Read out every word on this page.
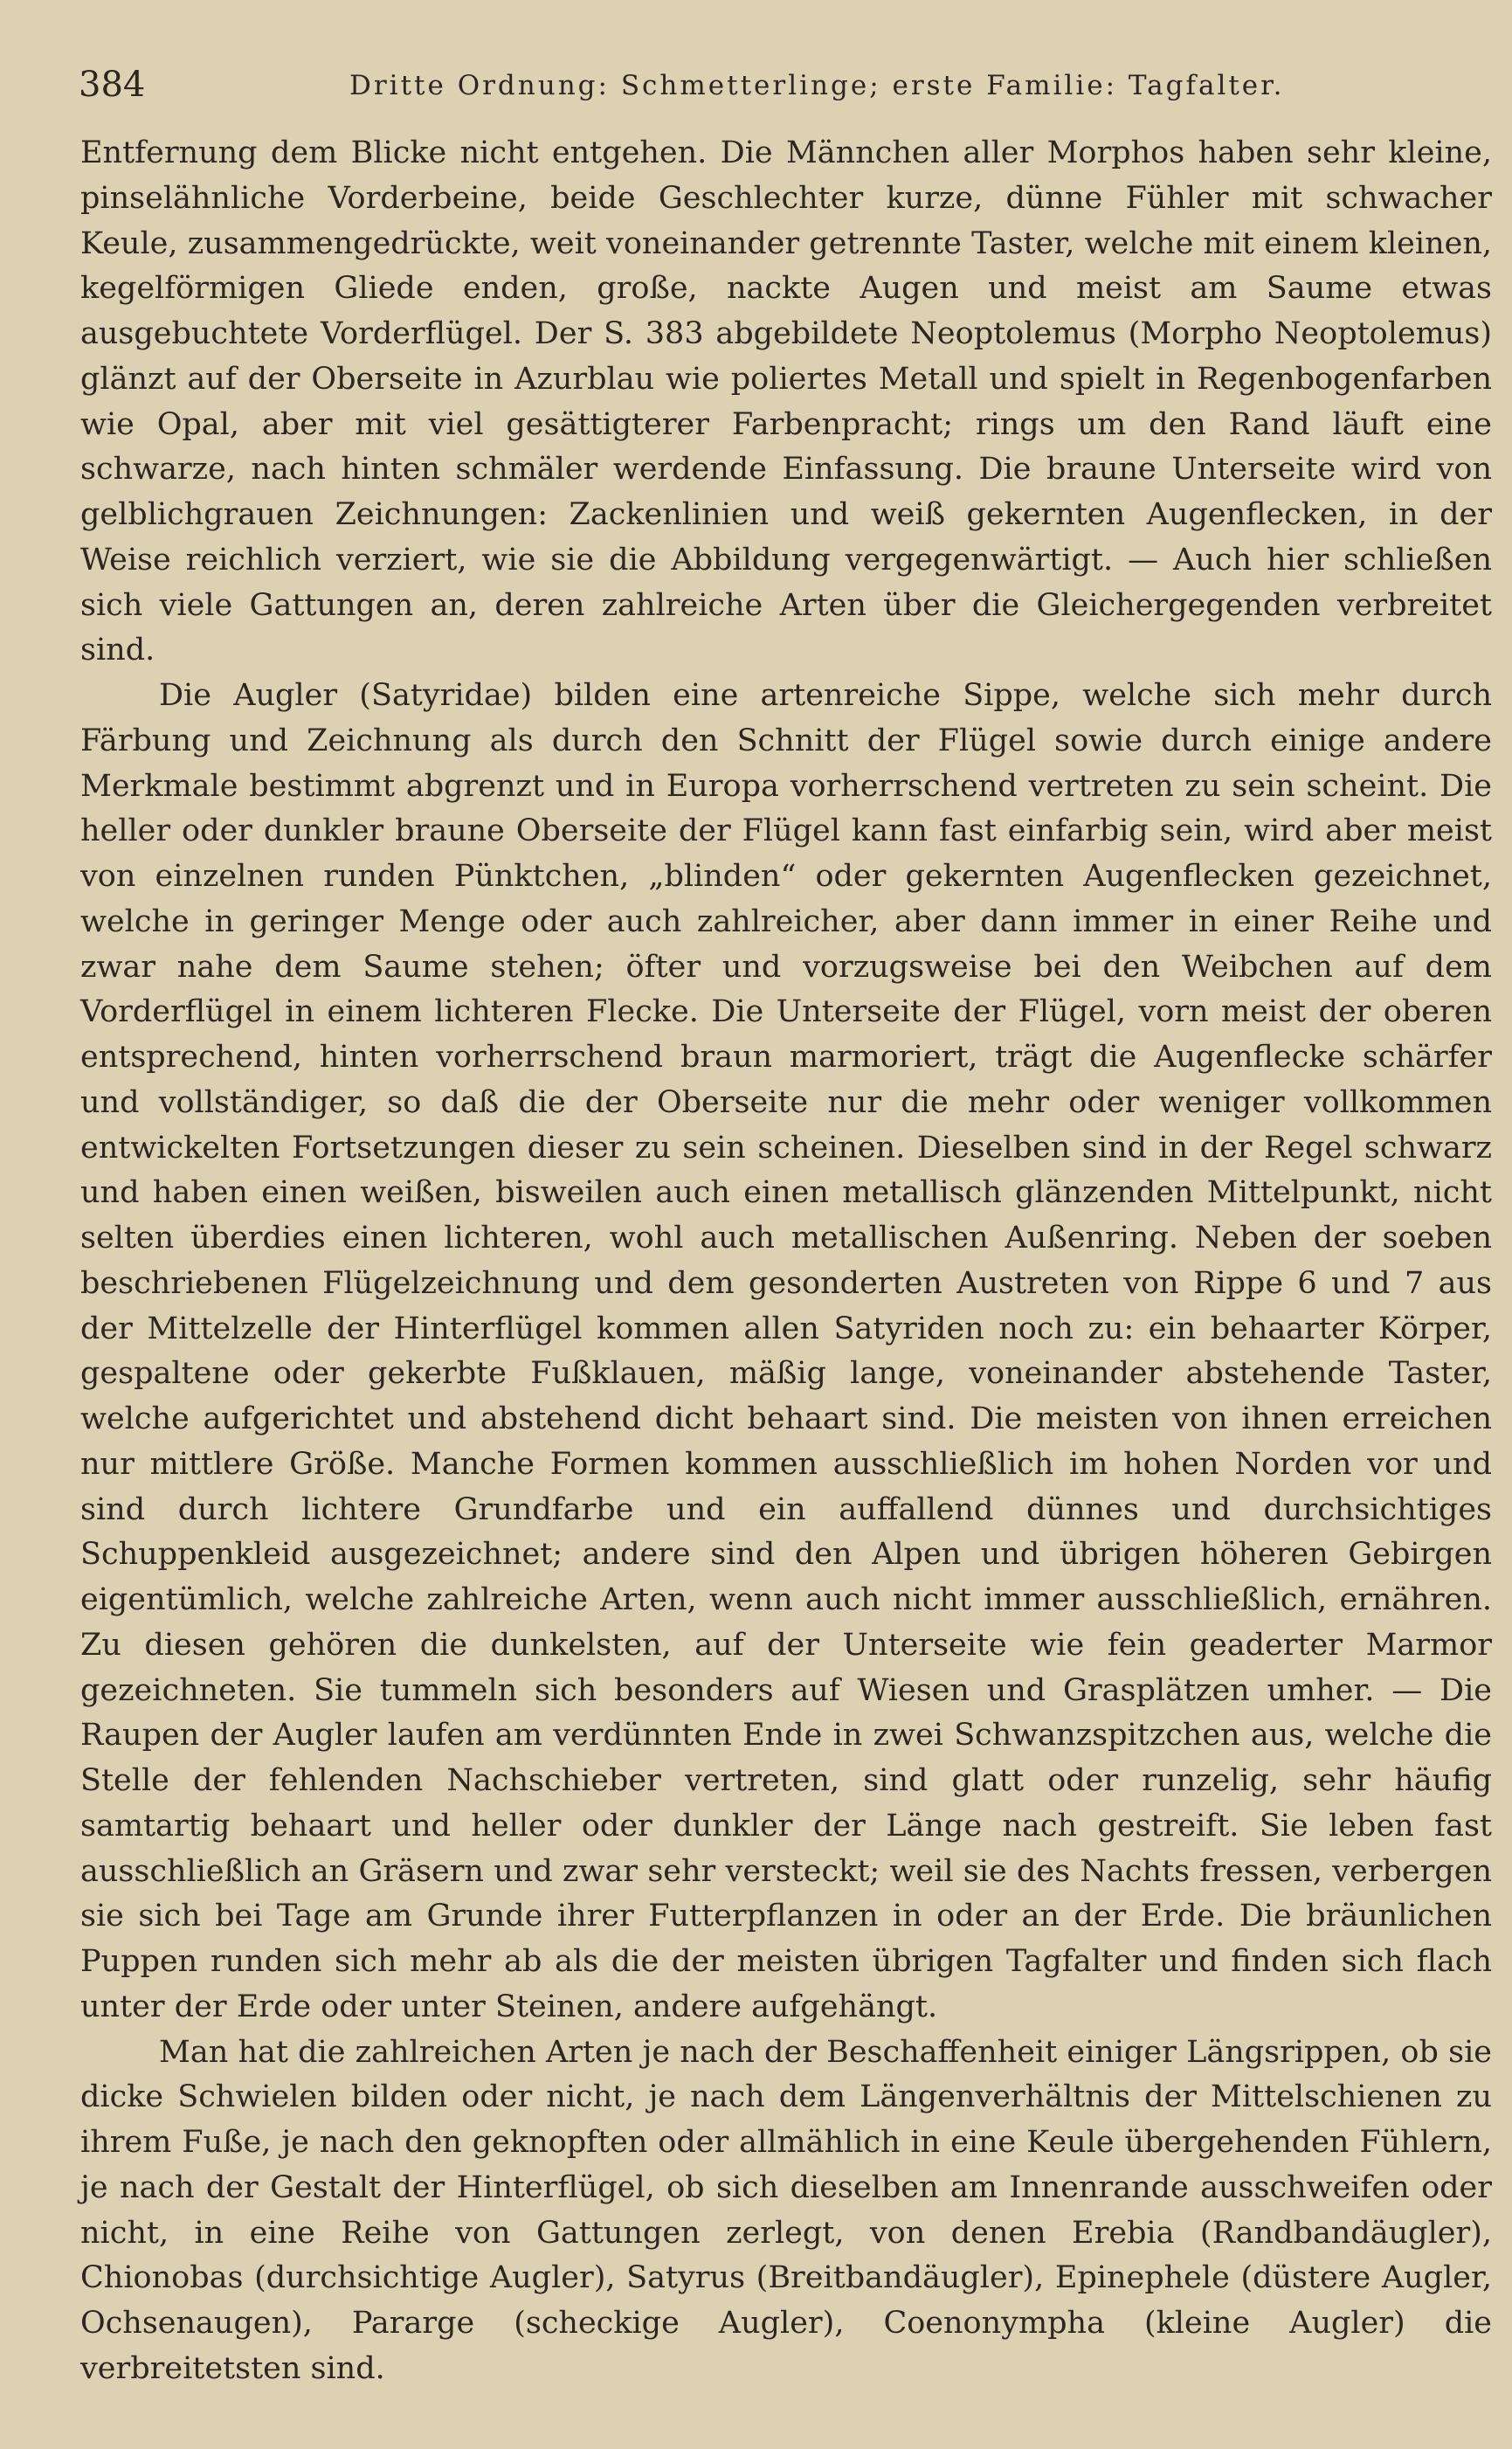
384	Dritte Ordnung: Schmetterlinge; erste Familie: Tagfalter.

Entfernung dem Blicke nicht entgehen. Die Männchen aller Morphos haben sehr kleine, pinselähnliche Vorderbeine, beide Geschlechter kurze, dünne Fühler mit schwacher Keule, zusammengedrückte, weit voneinander getrennte Taster, welche mit einem kleinen, kegelförmigen Gliede enden, große, nackte Augen und meist am Saume etwas ausgebuchtete Vorderflügel. Der S. 383 abgebildete Neoptolemus (Morpho Neoptolemus) glänzt auf der Oberseite in Azurblau wie poliertes Metall und spielt in Regenbogenfarben wie Opal, aber mit viel gesättigterer Farbenpracht; rings um den Rand läuft eine schwarze, nach hinten schmäler werdende Einfassung. Die braune Unterseite wird von gelblichgrauen Zeichnungen: Zackenlinien und weiß gekernten Augenflecken, in der Weise reichlich verziert, wie sie die Abbildung vergegenwärtigt. — Auch hier schließen sich viele Gattungen an, deren zahlreiche Arten über die Gleichergegenden verbreitet sind.

Die Augler (Satyridae) bilden eine artenreiche Sippe, welche sich mehr durch Färbung und Zeichnung als durch den Schnitt der Flügel sowie durch einige andere Merkmale bestimmt abgrenzt und in Europa vorherrschend vertreten zu sein scheint. Die heller oder dunkler braune Oberseite der Flügel kann fast einfarbig sein, wird aber meist von einzelnen runden Pünktchen, „blinden“ oder gekernten Augenflecken gezeichnet, welche in geringer Menge oder auch zahlreicher, aber dann immer in einer Reihe und zwar nahe dem Saume stehen; öfter und vorzugsweise bei den Weibchen auf dem Vorderflügel in einem lichteren Flecke. Die Unterseite der Flügel, vorn meist der oberen entsprechend, hinten vorherrschend braun marmoriert, trägt die Augenflecke schärfer und vollständiger, so daß die der Oberseite nur die mehr oder weniger vollkommen entwickelten Fortsetzungen dieser zu sein scheinen. Dieselben sind in der Regel schwarz und haben einen weißen, bisweilen auch einen metallisch glänzenden Mittelpunkt, nicht selten überdies einen lichteren, wohl auch metallischen Außenring. Neben der soeben beschriebenen Flügelzeichnung und dem gesonderten Austreten von Rippe 6 und 7 aus der Mittelzelle der Hinterflügel kommen allen Satyriden noch zu: ein behaarter Körper, gespaltene oder gekerbte Fußklauen, mäßig lange, voneinander abstehende Taster, welche aufgerichtet und abstehend dicht behaart sind. Die meisten von ihnen erreichen nur mittlere Größe. Manche Formen kommen ausschließlich im hohen Norden vor und sind durch lichtere Grundfarbe und ein auffallend dünnes und durchsichtiges Schuppenkleid ausgezeichnet; andere sind den Alpen und übrigen höheren Gebirgen eigentümlich, welche zahlreiche Arten, wenn auch nicht immer ausschließlich, ernähren. Zu diesen gehören die dunkelsten, auf der Unterseite wie fein geaderter Marmor gezeichneten. Sie tummeln sich besonders auf Wiesen und Grasplätzen umher. — Die Raupen der Augler laufen am verdünnten Ende in zwei Schwanzspitzchen aus, welche die Stelle der fehlenden Nachschieber vertreten, sind glatt oder runzelig, sehr häufig samtartig behaart und heller oder dunkler der Länge nach gestreift. Sie leben fast ausschließlich an Gräsern und zwar sehr versteckt; weil sie des Nachts fressen, verbergen sie sich bei Tage am Grunde ihrer Futterpflanzen in oder an der Erde. Die bräunlichen Puppen runden sich mehr ab als die der meisten übrigen Tagfalter und finden sich flach unter der Erde oder unter Steinen, andere aufgehängt.

Man hat die zahlreichen Arten je nach der Beschaffenheit einiger Längsrippen, ob sie dicke Schwielen bilden oder nicht, je nach dem Längenverhältnis der Mittelschienen zu ihrem Fuße, je nach den geknopften oder allmählich in eine Keule übergehenden Fühlern, je nach der Gestalt der Hinterflügel, ob sich dieselben am Innenrande ausschweifen oder nicht, in eine Reihe von Gattungen zerlegt, von denen Erebia (Randbandäugler), Chionobas (durchsichtige Augler), Satyrus (Breitbandäugler), Epinephele (düstere Augler, Ochsenaugen), Pararge (scheckige Augler), Coenonympha (kleine Augler) die verbreitetsten sind.
